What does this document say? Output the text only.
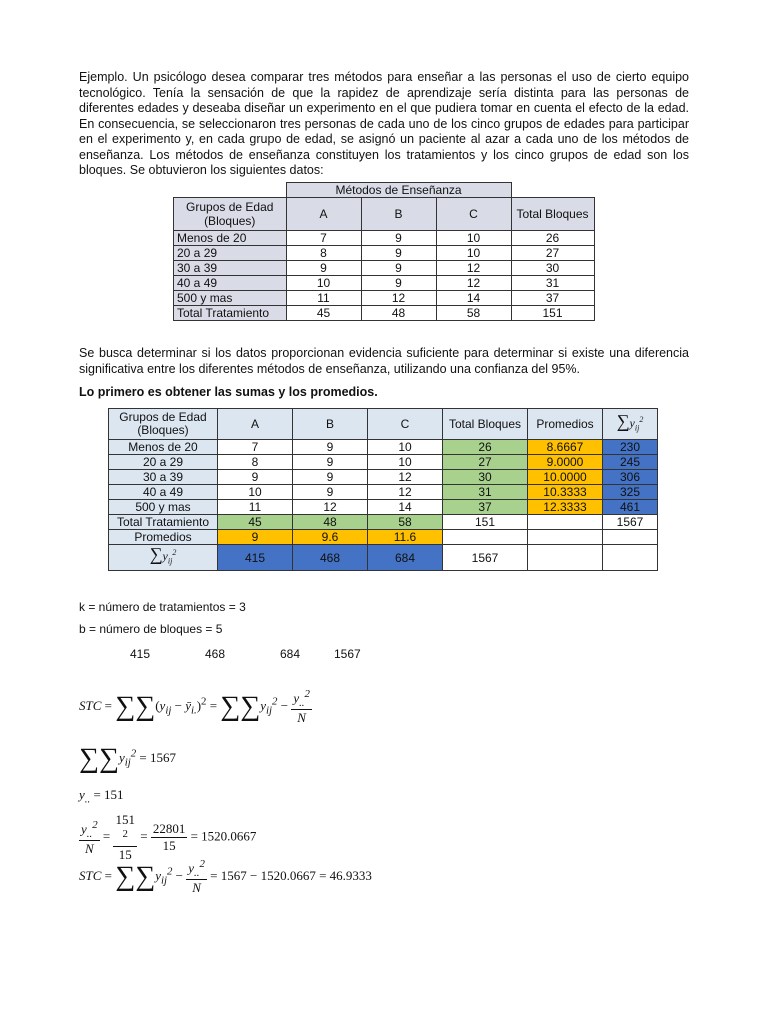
Ejemplo. Un psicólogo desea comparar tres métodos para enseñar a las personas el uso de cierto equipo tecnológico. Tenía la sensación de que la rapidez de aprendizaje sería distinta para las personas de diferentes edades y deseaba diseñar un experimento en el que pudiera tomar en cuenta el efecto de la edad. En consecuencia, se seleccionaron tres personas de cada uno de los cinco grupos de edades para participar en el experimento y, en cada grupo de edad, se asignó un paciente al azar a cada uno de los métodos de enseñanza. Los métodos de enseñanza constituyen los tratamientos y los cinco grupos de edad son los bloques. Se obtuvieron los siguientes datos:

	Métodos de Enseñanza			
Grupos de Edad (Bloques)	A	B	C	Total Bloques
Menos de 20	7	9	10	26
20 a 29	8	9	10	27
30 a 39	9	9	12	30
40 a 49	10	9	12	31
500 y mas	11	12	14	37
Total Tratamiento	45	48	58	151

Se busca determinar si los datos proporcionan evidencia suficiente para determinar si existe una diferencia significativa entre los diferentes métodos de enseñanza, utilizando una confianza del 95%.

Lo primero es obtener las sumas y los promedios.

Grupos de Edad (Bloques)	A	B	C	Total Bloques	Promedios	$\sum y_{ij}^2$
Menos de 20	7	9	10	26	8.6667	230
20 a 29	8	9	10	27	9.0000	245
30 a 39	9	9	12	30	10.0000	306
40 a 49	10	9	12	31	10.3333	325
500 y mas	11	12	14	37	12.3333	461
Total Tratamiento	45	48	58	151		1567
Promedios	9	9.6	11.6			
$\sum y_{ij}^2$	415	468	684	1567		
k = número de tratamientos = 3
b = número de bloques = 5
415	468	684	1567
STC = $\sum\sum(y_{ij}$ − $ȳ_{i.})^2 = \sum\sum y_{ij}^2 - \frac{y_{..}^2}{N}$
$\sum\sum y_{ij}^2 = 1567$
$y_{..} = 151$
$\frac{y_{..}^2}{N} = 151$
$^2$
$15 = \frac{22801}{15} = 1520.0667$
STC = $\sum\sum y_{ij}^2 - \frac{y_{..}^2}{N} = 1567 - 1520.0667 = 46.9333$
